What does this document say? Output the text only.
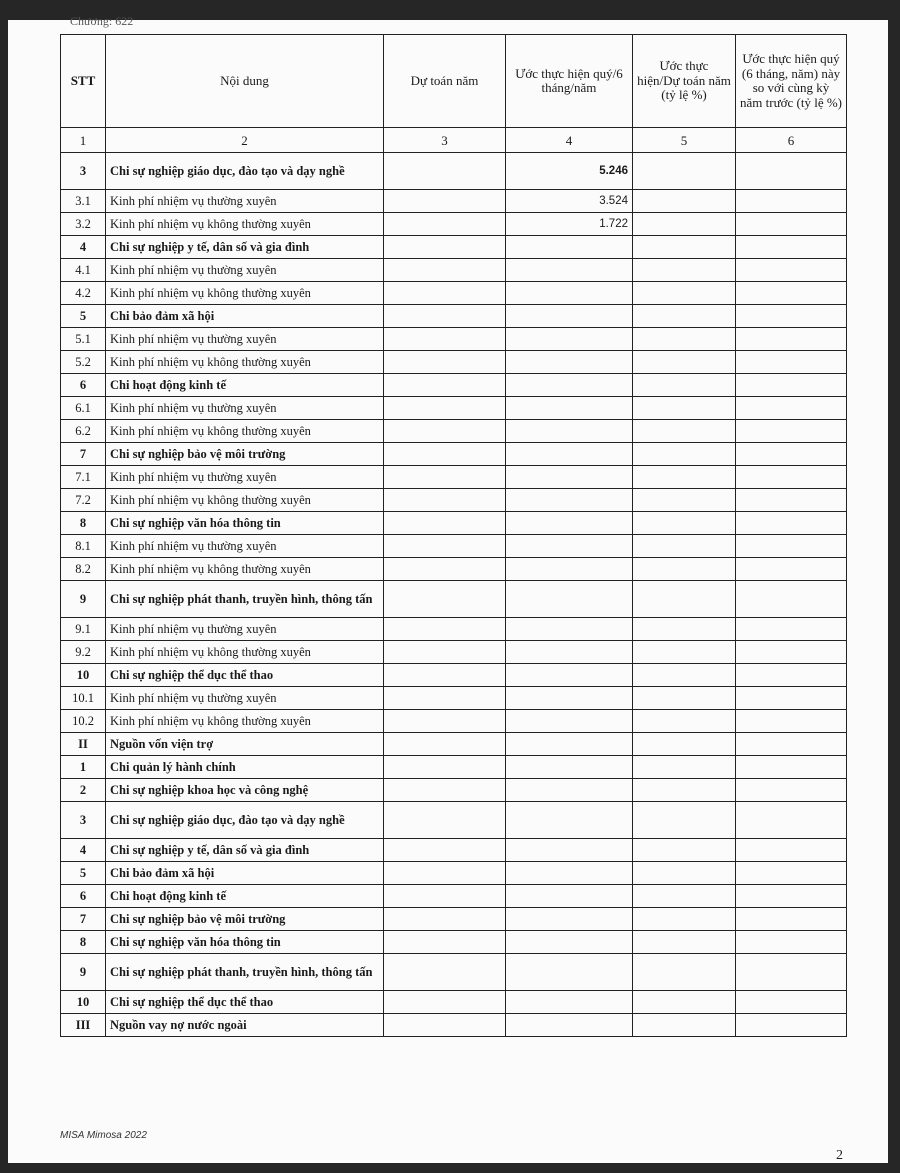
Chương: 622
STT	Nội dung	Dự toán năm	Ước thực hiện quý/6 tháng/năm	Ước thực hiện/Dự toán năm (tỷ lệ %)	Ước thực hiện quý (6 tháng, năm) này so với cùng kỳ năm trước (tỷ lệ %)
1	2	3	4	5	6
3	Chi sự nghiệp giáo dục, đào tạo và dạy nghề		5.246		
3.1	Kinh phí nhiệm vụ thường xuyên		3.524		
3.2	Kinh phí nhiệm vụ không thường xuyên		1.722		
4	Chi sự nghiệp y tế, dân số và gia đình				
4.1	Kinh phí nhiệm vụ thường xuyên				
4.2	Kinh phí nhiệm vụ không thường xuyên				
5	Chi bảo đảm xã hội				
5.1	Kinh phí nhiệm vụ thường xuyên				
5.2	Kinh phí nhiệm vụ không thường xuyên				
6	Chi hoạt động kinh tế				
6.1	Kinh phí nhiệm vụ thường xuyên				
6.2	Kinh phí nhiệm vụ không thường xuyên				
7	Chi sự nghiệp bảo vệ môi trường				
7.1	Kinh phí nhiệm vụ thường xuyên				
7.2	Kinh phí nhiệm vụ không thường xuyên				
8	Chi sự nghiệp văn hóa thông tin				
8.1	Kinh phí nhiệm vụ thường xuyên				
8.2	Kinh phí nhiệm vụ không thường xuyên				
9	Chi sự nghiệp phát thanh, truyền hình, thông tấn				
9.1	Kinh phí nhiệm vụ thường xuyên				
9.2	Kinh phí nhiệm vụ không thường xuyên				
10	Chi sự nghiệp thể dục thể thao				
10.1	Kinh phí nhiệm vụ thường xuyên				
10.2	Kinh phí nhiệm vụ không thường xuyên				
II	Nguồn vốn viện trợ				
1	Chi quản lý hành chính				
2	Chi sự nghiệp khoa học và công nghệ				
3	Chi sự nghiệp giáo dục, đào tạo và dạy nghề				
4	Chi sự nghiệp y tế, dân số và gia đình				
5	Chi bảo đảm xã hội				
6	Chi hoạt động kinh tế				
7	Chi sự nghiệp bảo vệ môi trường				
8	Chi sự nghiệp văn hóa thông tin				
9	Chi sự nghiệp phát thanh, truyền hình, thông tấn				
10	Chi sự nghiệp thể dục thể thao				
III	Nguồn vay nợ nước ngoài				
MISA Mimosa 2022
2
